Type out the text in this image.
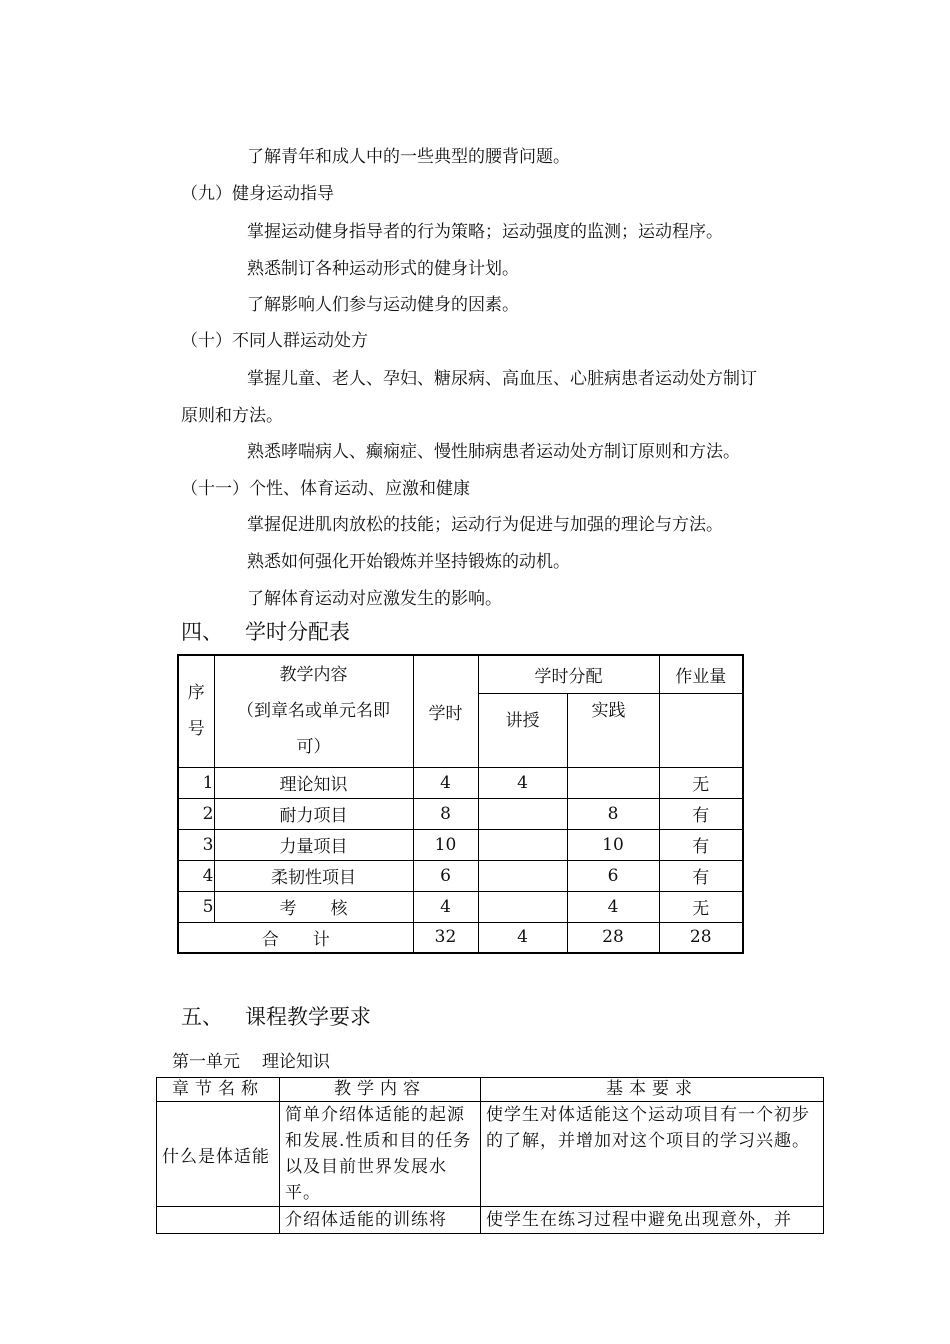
了解青年和成人中的一些典型的腰背问题。
（九）健身运动指导
掌握运动健身指导者的行为策略；运动强度的监测；运动程序。
熟悉制订各种运动形式的健身计划。
了解影响人们参与运动健身的因素。
（十）不同人群运动处方
掌握儿童、老人、孕妇、糖尿病、高血压、心脏病患者运动处方制订
原则和方法。
熟悉哮喘病人、癫痫症、慢性肺病患者运动处方制订原则和方法。
（十一）个性、体育运动、应激和健康
掌握促进肌肉放松的技能；运动行为促进与加强的理论与方法。
熟悉如何强化开始锻炼并坚持锻炼的动机。
了解体育运动对应激发生的影响。
四、 学时分配表
序号	教学内容
（到章名或单元名即可）	学时	学时分配		作业量
			讲授	实践	
1	理论知识	4	4		无
2	耐力项目	8		8	有
3	力量项目	10		10	有
4	柔韧性项目	6		6	有
5	考　　核	4		4	无
合　　计		32	4	28	28
五、 课程教学要求
第一单元 理论知识
章节名称	教学内容	基本要求
什么是体适能	简单介绍体适能的起源和发展.性质和目的任务以及目前世界发展水平。	使学生对体适能这个运动项目有一个初步的了解，并增加对这个项目的学习兴趣。
	介绍体适能的训练将	使学生在练习过程中避免出现意外，并
